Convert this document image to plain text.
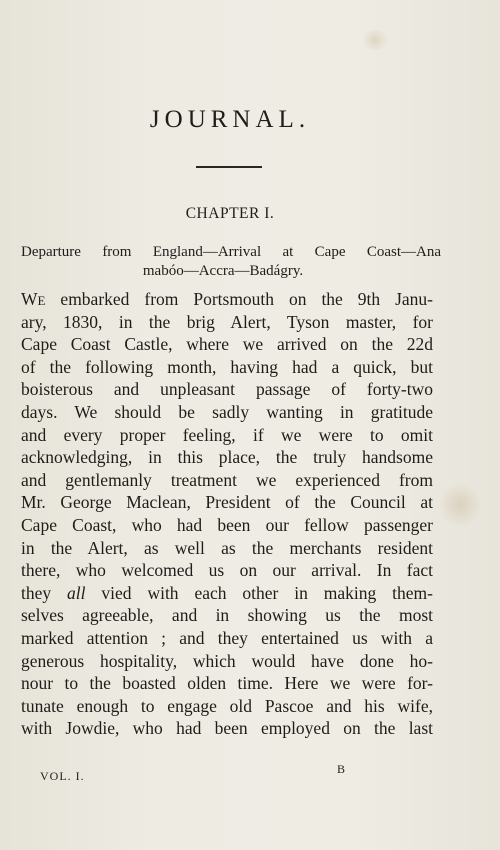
JOURNAL.
CHAPTER I.

Departure from England—Arrival at Cape Coast—Ana
mabóo—Accra—Badágry.

WE embarked from Portsmouth on the 9th Janu-
ary, 1830, in the brig Alert, Tyson master, for
Cape Coast Castle, where we arrived on the 22d
of the following month, having had a quick, but
boisterous and unpleasant passage of forty-two
days. We should be sadly wanting in gratitude
and every proper feeling, if we were to omit
acknowledging, in this place, the truly handsome
and gentlemanly treatment we experienced from
Mr. George Maclean, President of the Council at
Cape Coast, who had been our fellow passenger
in the Alert, as well as the merchants resident
there, who welcomed us on our arrival. In fact
they all vied with each other in making them-
selves agreeable, and in showing us the most
marked attention ; and they entertained us with a
generous hospitality, which would have done ho-
nour to the boasted olden time. Here we were for-
tunate enough to engage old Pascoe and his wife,
with Jowdie, who had been employed on the last

VOL. I.	B
